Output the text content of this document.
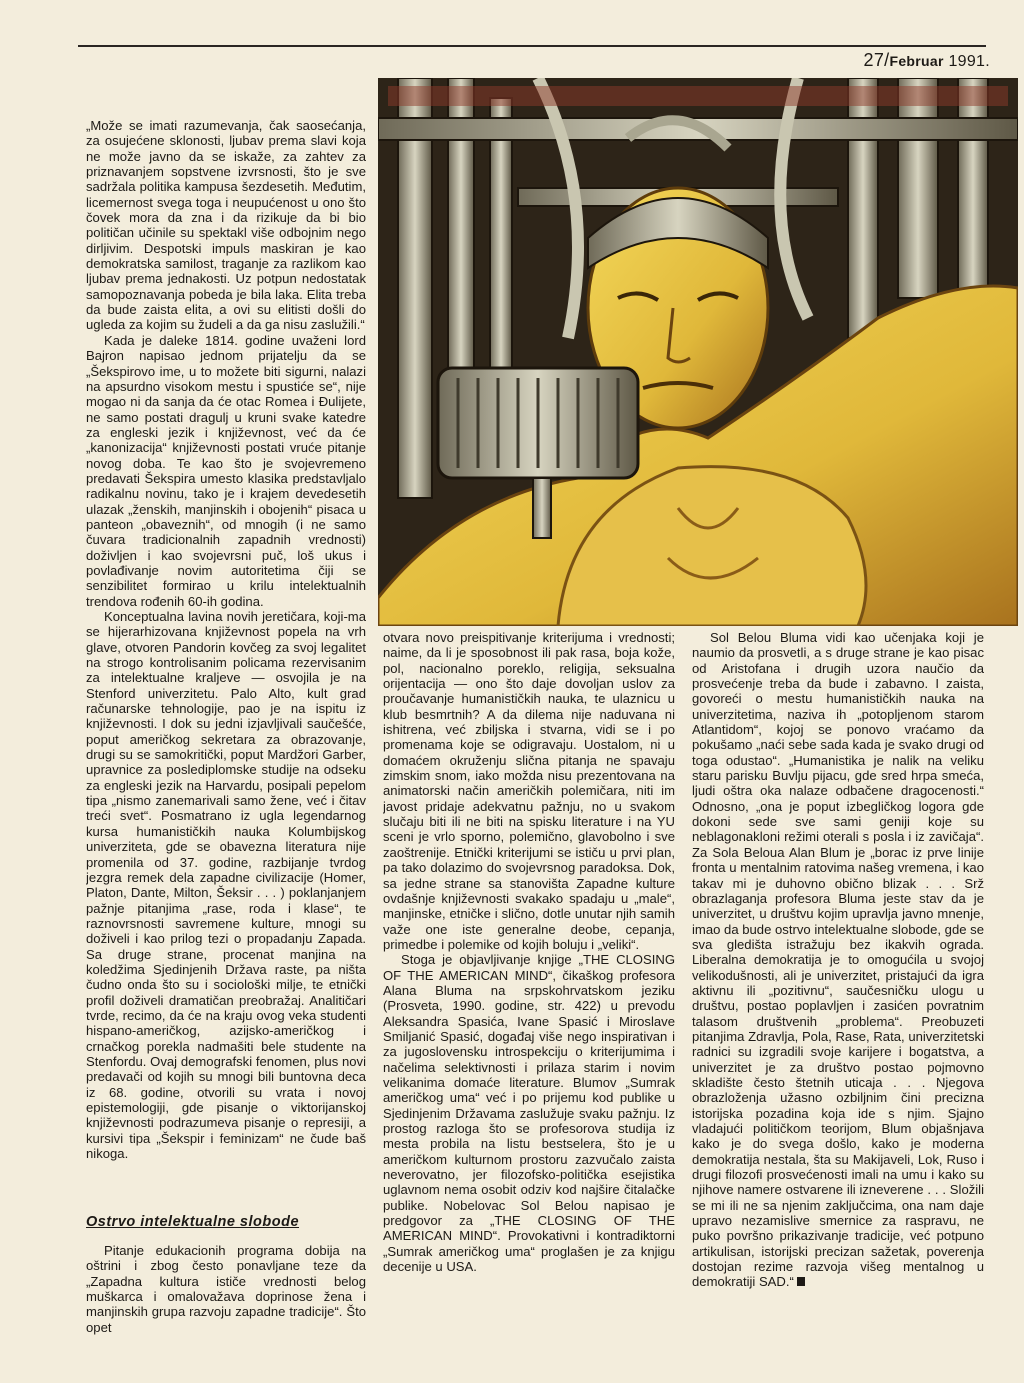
27/Februar 1991.

„Može se imati razumevanja, čak saosećanja, za osujećene sklonosti, ljubav prema slavi koja ne može javno da se iskaže, za zahtev za priznavanjem sopstvene izvrsnosti, što je sve sadržala politika kampusa šezdesetih. Međutim, licemernost svega toga i neupućenost u ono što čovek mora da zna i da rizikuje da bi bio političan učinile su spektakl više odbojnim nego dirljivim. Despotski impuls maskiran je kao demokratska samilost, traganje za razlikom kao ljubav prema jednakosti. Uz potpun nedostatak samopoznavanja pobeda je bila laka. Elita treba da bude zaista elita, a ovi su elitisti došli do ugleda za kojim su žudeli a da ga nisu zaslužili.“

Kada je daleke 1814. godine uvaženi lord Bajron napisao jednom prijatelju da se „Šekspirovo ime, u to možete biti sigurni, nalazi na apsurdno visokom mestu i spustiće se“, nije mogao ni da sanja da će otac Romea i Đulijete, ne samo postati dragulj u kruni svake katedre za engleski jezik i književnost, već da će „kanonizacija“ književnosti postati vruće pitanje novog doba. Te kao što je svojevremeno predavati Šekspira umesto klasika predstavljalo radikalnu novinu, tako je i krajem devedesetih ulazak „ženskih, manjinskih i obojenih“ pisaca u panteon „obaveznih“, od mnogih (i ne samo čuvara tradicionalnih zapadnih vrednosti) doživljen i kao svojevrsni puč, loš ukus i povlađivanje novim autoritetima čiji se senzibilitet formirao u krilu intelektualnih trendova rođenih 60-ih godina.

Konceptualna lavina novih jeretičara, koji-ma se hijerarhizovana književnost popela na vrh glave, otvoren Pandorin kovčeg za svoj legalitet na strogo kontrolisanim policama rezervisanim za intelektualne kraljeve — osvojila je na Stenford univerzitetu. Palo Alto, kult grad računarske tehnologije, pao je na ispitu iz književnosti. I dok su jedni izjavljivali saučešće, poput američkog sekretara za obrazovanje, drugi su se samokritički, poput Mardžori Garber, upravnice za poslediplomske studije na odseku za engleski jezik na Harvardu, posipali pepelom tipa „nismo zanemarivali samo žene, već i čitav treći svet“. Posmatrano iz ugla legendarnog kursa humanističkih nauka Kolumbijskog univerziteta, gde se obavezna literatura nije promenila od 37. godine, razbijanje tvrdog jezgra remek dela zapadne civilizacije (Homer, Platon, Dante, Milton, Šeksir . . . ) poklanjanjem pažnje pitanjima „rase, roda i klase“, te raznovrsnosti savremene kulture, mnogi su doživeli i kao prilog tezi o propadanju Zapada. Sa druge strane, procenat manjina na koledžima Sjedinjenih Država raste, pa ništa čudno onda što su i sociološki milje, te etnički profil doživeli dramatičan preobražaj. Analitičari tvrde, recimo, da će na kraju ovog veka studenti hispano-američkog, azijsko-američkog i crnačkog porekla nadmašiti bele studente na Stenfordu. Ovaj demografski fenomen, plus novi predavači od kojih su mnogi bili buntovna deca iz 68. godine, otvorili su vrata i novoj epistemologiji, gde pisanje o viktorijanskoj književnosti podrazumeva pisanje o represiji, a kursivi tipa „Šekspir i feminizam“ ne čude baš nikoga.

Ostrvo intelektualne slobode

Pitanje edukacionih programa dobija na oštrini i zbog često ponavljane teze da „Zapadna kultura ističe vrednosti belog muškarca i omalovažava doprinose žena i manjinskih grupa razvoju zapadne tradicije“. Što opet

otvara novo preispitivanje kriterijuma i vrednosti; naime, da li je sposobnost ili pak rasa, boja kože, pol, nacionalno poreklo, religija, seksualna orijentacija — ono što daje dovoljan uslov za proučavanje humanističkih nauka, te ulaznicu u klub besmrtnih? A da dilema nije naduvana ni ishitrena, već zbiljska i stvarna, vidi se i po promenama koje se odigravaju. Uostalom, ni u domaćem okruženju slična pitanja ne spavaju zimskim snom, iako možda nisu prezentovana na animatorski način američkih polemičara, niti im javost pridaje adekvatnu pažnju, no u svakom slučaju biti ili ne biti na spisku literature i na YU sceni je vrlo sporno, polemično, glavobolno i sve zaoštrenije. Etnički kriterijumi se ističu u prvi plan, pa tako dolazimo do svojevrsnog paradoksa. Dok, sa jedne strane sa stanovišta Zapadne kulture ovdašnje književnosti svakako spadaju u „male“, manjinske, etničke i slično, dotle unutar njih samih važe one iste generalne deobe, cepanja, primedbe i polemike od kojih boluju i „veliki“.

Stoga je objavljivanje knjige „THE CLOSING OF THE AMERICAN MIND“, čikaškog profesora Alana Bluma na srpskohrvatskom jeziku (Prosveta, 1990. godine, str. 422) u prevodu Aleksandra Spasića, Ivane Spasić i Miroslave Smiljanić Spasić, događaj više nego inspirativan i za jugoslovensku introspekciju o kriterijumima i načelima selektivnosti i prilaza starim i novim velikanima domaće literature. Blumov „Sumrak američkog uma“ već i po prijemu kod publike u Sjedinjenim Državama zaslužuje svaku pažnju. Iz prostog razloga što se profesorova studija iz mesta probila na listu bestselera, što je u američkom kulturnom prostoru zazvučalo zaista neverovatno, jer filozofsko-politička esejistika uglavnom nema osobit odziv kod najšire čitalačke publike. Nobelovac Sol Belou napisao je predgovor za „THE CLOSING OF THE AMERICAN MIND“. Provokativni i kontradiktorni „Sumrak američkog uma“ proglašen je za knjigu decenije u USA.

Sol Belou Bluma vidi kao učenjaka koji je naumio da prosvetli, a s druge strane je kao pisac od Aristofana i drugih uzora naučio da prosvećenje treba da bude i zabavno. I zaista, govoreći o mestu humanističkih nauka na univerzitetima, naziva ih „potopljenom starom Atlantidom“, kojoj se ponovo vraćamo da pokušamo „naći sebe sada kada je svako drugi od toga odustao“. „Humanistika je nalik na veliku staru parisku Buvlju pijacu, gde sred hrpa smeća, ljudi oštra oka nalaze odbačene dragocenosti.“ Odnosno, „ona je poput izbegličkog logora gde dokoni sede sve sami geniji koje su neblagonakloni režimi oterali s posla i iz zavičaja“. Za Sola Beloua Alan Blum je „borac iz prve linije fronta u mentalnim ratovima našeg vremena, i kao takav mi je duhovno obično blizak . . . Srž obrazlaganja profesora Bluma jeste stav da je univerzitet, u društvu kojim upravlja javno mnenje, imao da bude ostrvo intelektualne slobode, gde se sva gledišta istražuju bez ikakvih ograda. Liberalna demokratija je to omogućila u svojoj velikodušnosti, ali je univerzitet, pristajući da igra aktivnu ili „pozitivnu“, saučesničku ulogu u društvu, postao poplavljen i zasićen povratnim talasom društvenih „problema“. Preobuzeti pitanjima Zdravlja, Pola, Rase, Rata, univerzitetski radnici su izgradili svoje karijere i bogatstva, a univerzitet je za društvo postao pojmovno skladište često štetnih uticaja . . . Njegova obrazloženja užasno ozbiljnim čini precizna istorijska pozadina koja ide s njim. Sjajno vladajući političkom teorijom, Blum objašnjava kako je do svega došlo, kako je moderna demokratija nestala, šta su Makijaveli, Lok, Ruso i drugi filozofi prosvećenosti imali na umu i kako su njihove namere ostvarene ili izneverene . . . Složili se mi ili ne sa njenim zaključcima, ona nam daje upravo nezamislive smernice za raspravu, ne puko površno prikazivanje tradicije, već potpuno artikulisan, istorijski precizan sažetak, poverenja dostojan rezime razvoja višeg mentalnog u demokratiji SAD.“
